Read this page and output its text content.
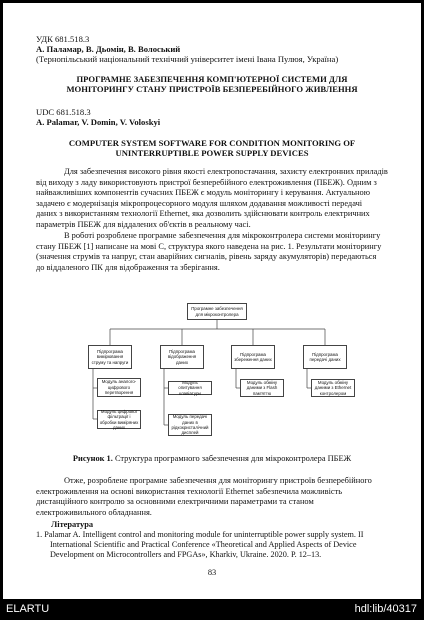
УДК 681.518.3
А. Паламар, В. Дьомін, В. Волоський
(Тернопільський національний технічний університет імені Івана Пулюя, Україна)
ПРОГРАМНЕ ЗАБЕЗПЕЧЕННЯ КОМП'ЮТЕРНОЇ СИСТЕМИ ДЛЯ
МОНІТОРИНГУ СТАНУ ПРИСТРОЇВ БЕЗПЕРЕБІЙНОГО ЖИВЛЕННЯ
UDC 681.518.3
A. Palamar, V. Domin, V. Voloskyi
COMPUTER SYSTEM SOFTWARE FOR CONDITION MONITORING OF
UNINTERRUPTIBLE POWER SUPPLY DEVICES
Для забезпечення високого рівня якості електропостачання, захисту електронних приладів
від виходу з ладу використовують пристрої безперебійного електроживлення (ПБЕЖ). Одним з
найважливіших компонентів сучасних ПБЕЖ є модуль моніторингу і керування. Актуальною
задачею є модернізація мікропроцесорного модуля шляхом додавання можливості передачі
даних з використанням технології Ethernet, яка дозволить здійснювати контроль електричних
параметрів ПБЕЖ для віддалених об'єктів в реальному часі.
В роботі розроблене програмне забезпечення для мікроконтролера системи моніторингу
стану ПБЕЖ [1] написане на мові С, структура якого наведена на рис. 1. Результати моніторингу
(значення струмів та напруг, стан аварійних сигналів, рівень заряду акумуляторів) передаються
до віддаленого ПК для відображення та зберігання.
Програмне забезпечення для мікроконтролера
Підпрограма вимірювання струму та напруги
Підпрограма відображення даних
Підпрограма збереження даних
Підпрограма передачі даних
Модуль аналого-цифрового перетворення
Модуль цифрової фільтрації і обробки виміряних даних
Модуль опитування клавіатури
Модуль передачі даних в рідкокристалічний дисплей
Модуль обміну даними з Flash пам'яттю
Модуль обміну даними з Ethernet контролером
Рисунок 1. Структура програмного забезпечення для мікроконтролера ПБЕЖ
Отже, розроблене програмне забезпечення для моніторингу пристроїв безперебійного
електроживлення на основі використання технології Ethernet забезпечила можливість
дистанційного контролю за основними електричними параметрами та станом
електроживильного обладнання.
Література
1. Palamar A. Intelligent control and monitoring module for uninterruptible power supply system. II
International Scientific and Practical Conference «Theoretical and Applied Aspects of Device
Development on Microcontrollers and FPGAs», Kharkiv, Ukraine. 2020. P. 12–13.
83
ELARTU	hdl:lib/40317
